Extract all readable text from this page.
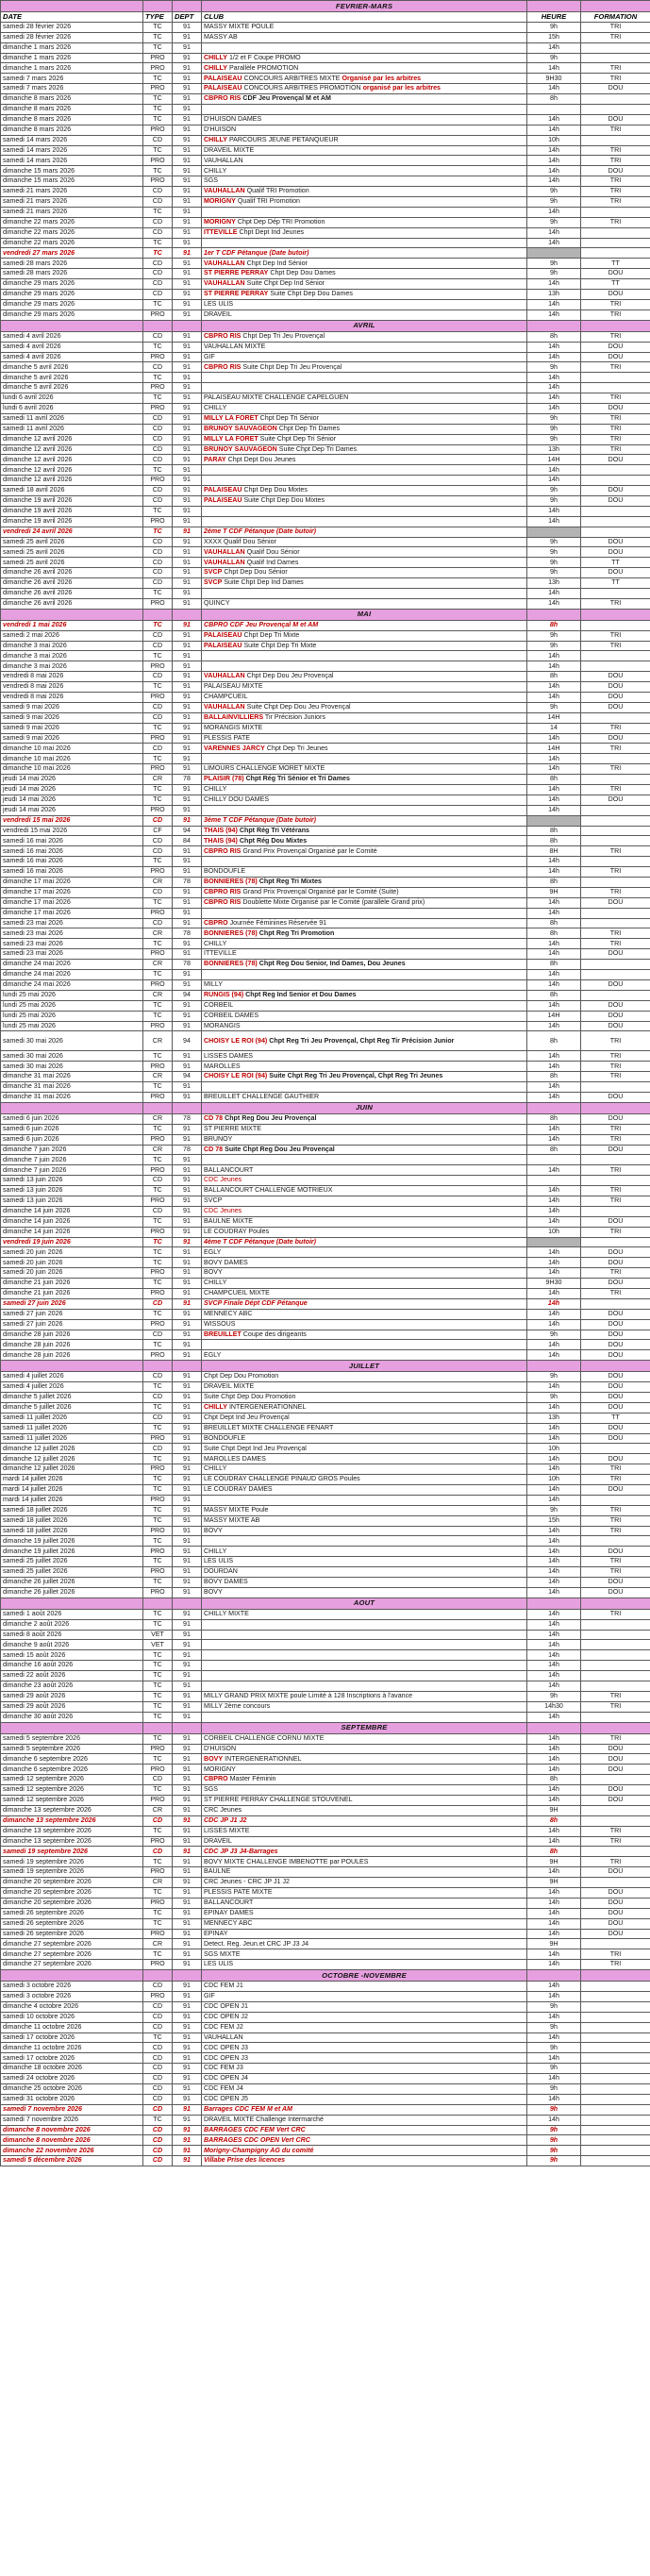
			FEVRIER-MARS		
DATE	TYPE	DEPT	CLUB	HEURE	FORMATION
samedi 28 février 2026	TC	91	MASSY MIXTE POULE	9h	TRI
samedi 28 février 2026	TC	91	MASSY AB	15h	TRI
dimanche 1 mars 2026	TC	91		14h	
dimanche 1 mars 2026	PRO	91	CHILLY 1/2 et F Coupe PROMO	9h	
dimanche 1 mars 2026	PRO	91	CHILLY Parallèle PROMOTION	14h	TRI
samedi 7 mars 2026	TC	91	PALAISEAU CONCOURS ARBITRES MIXTE Organisé par les arbitres	9H30	TRI
samedi 7 mars 2026	PRO	91	PALAISEAU CONCOURS ARBITRES PROMOTION organisé par les arbitres	14h	DOU
dimanche 8 mars 2026	TC	91	CBPRO RIS CDF Jeu Provençal M et AM	8h	
dimanche 8 mars 2026	TC	91			
dimanche 8 mars 2026	TC	91	D'HUISON DAMES	14h	DOU
dimanche 8 mars 2026	PRO	91	D'HUISON	14h	TRI
samedi 14 mars 2026	CD	91	CHILLY PARCOURS JEUNE PETANQUEUR	10h	
samedi 14 mars 2026	TC	91	DRAVEIL MIXTE	14h	TRI
samedi 14 mars 2026	PRO	91	VAUHALLAN	14h	TRI
dimanche 15 mars 2026	TC	91	CHILLY	14h	DOU
dimanche 15 mars 2026	PRO	91	SGS	14h	TRI
samedi 21 mars 2026	CD	91	VAUHALLAN Qualif TRI Promotion	9h	TRI
samedi 21 mars 2026	CD	91	MORIGNY Qualif TRI Promotion	9h	TRI
samedi 21 mars 2026	TC	91		14h	
dimanche 22 mars 2026	CD	91	MORIGNY Chpt Dep Dép TRI Promotion	9h	TRI
dimanche 22 mars 2026	CD	91	ITTEVILLE Chpt Dept Ind Jeunes	14h	
dimanche 22 mars 2026	TC	91		14h	
vendredi 27 mars 2026	TC	91	1er T CDF Pétanque (Date butoir)		
samedi 28 mars 2026	CD	91	VAUHALLAN Chpt Dep Ind Sénior	9h	TT
samedi 28 mars 2026	CD	91	ST PIERRE PERRAY Chpt Dep Dou Dames	9h	DOU
dimanche 29 mars 2026	CD	91	VAUHALLAN Suite Chpt Dep Ind Sénior	14h	TT
dimanche 29 mars 2026	CD	91	ST PIERRE PERRAY Suite Chpt Dep Dou Dames	13h	DOU
dimanche 29 mars 2026	TC	91	LES ULIS	14h	TRI
dimanche 29 mars 2026	PRO	91	DRAVEIL	14h	TRI
			AVRIL		
samedi 4 avril 2026	CD	91	CBPRO RIS Chpt Dep Tri Jeu Provençal	8h	TRI
samedi 4 avril 2026	TC	91	VAUHALLAN MIXTE	14h	DOU
samedi 4 avril 2026	PRO	91	GIF	14h	DOU
dimanche 5 avril 2026	CD	91	CBPRO RIS Suite Chpt Dep Tri Jeu Provençal	9h	TRI
dimanche 5 avril 2026	TC	91		14h	
dimanche 5 avril 2026	PRO	91		14h	
lundi 6 avril 2026	TC	91	PALAISEAU MIXTE CHALLENGE CAPELGUEN	14h	TRI
lundi 6 avril 2026	PRO	91	CHILLY	14h	DOU
samedi 11 avril 2026	CD	91	MILLY LA FORET Chpt Dep Tri Sénior	9h	TRI
samedi 11 avril 2026	CD	91	BRUNOY SAUVAGEON Chpt Dep Tri Dames	9h	TRI
dimanche 12 avril 2026	CD	91	MILLY LA FORET Suite Chpt Dep Tri Sénior	9h	TRI
dimanche 12 avril 2026	CD	91	BRUNOY SAUVAGEON Suite Chpt Dep Tri Dames	13h	TRI
dimanche 12 avril 2026	CD	91	PARAY Chpt Dept Dou Jeunes	14H	DOU
dimanche 12 avril 2026	TC	91		14h	
dimanche 12 avril 2026	PRO	91		14h	
samedi 18 avril 2026	CD	91	PALAISEAU Chpt Dep Dou Mixtes	9h	DOU
dimanche 19 avril 2026	CD	91	PALAISEAU Suite Chpt Dep Dou Mixtes	9h	DOU
dimanche 19 avril 2026	TC	91		14h	
dimanche 19 avril 2026	PRO	91		14h	
vendredi 24 avril 2026	TC	91	2ème T CDF Pétanque (Date butoir)		
samedi 25 avril 2026	CD	91	XXXX Qualif Dou Sénior	9h	DOU
samedi 25 avril 2026	CD	91	VAUHALLAN Qualif Dou Sénior	9h	DOU
samedi 25 avril 2026	CD	91	VAUHALLAN Qualif Ind Dames	9h	TT
dimanche 26 avril 2026	CD	91	SVCP Chpt Dep Dou Sénior	9h	DOU
dimanche 26 avril 2026	CD	91	SVCP Suite Chpt Dep Ind Dames	13h	TT
dimanche 26 avril 2026	TC	91		14h	
dimanche 26 avril 2026	PRO	91	QUINCY	14h	TRI
			MAI		
vendredi 1 mai 2026	TC	91	CBPRO CDF Jeu Provençal M et AM	8h	
samedi 2 mai 2026	CD	91	PALAISEAU Chpt Dep Tri Mixte	9h	TRI
dimanche 3 mai 2026	CD	91	PALAISEAU Suite Chpt Dep Tri Mixte	9h	TRI
dimanche 3 mai 2026	TC	91		14h	
dimanche 3 mai 2026	PRO	91		14h	
vendredi 8 mai 2026	CD	91	VAUHALLAN Chpt Dep Dou Jeu Provençal	8h	DOU
vendredi 8 mai 2026	TC	91	PALAISEAU MIXTE	14h	DOU
vendredi 8 mai 2026	PRO	91	CHAMPCUEIL	14h	DOU
samedi 9 mai 2026	CD	91	VAUHALLAN Suite Chpt Dep Dou Jeu Provençal	9h	DOU
samedi 9 mai 2026	CD	91	BALLAINVILLIERS Tir Précision Juniors	14H	
samedi 9 mai 2026	TC	91	MORANGIS MIXTE	14	TRI
samedi 9 mai 2026	PRO	91	PLESSIS PATE	14h	DOU
dimanche 10 mai 2026	CD	91	VARENNES JARCY Chpt Dep Tri Jeunes	14H	TRI
dimanche 10 mai 2026	TC	91		14h	
dimanche 10 mai 2026	PRO	91	LIMOURS CHALLENGE MORET MIXTE	14h	TRI
jeudi 14 mai 2026	CR	78	PLAISIR (78) Chpt Rég Tri Sénior et Tri Dames	8h	
jeudi 14 mai 2026	TC	91	CHILLY	14h	TRI
jeudi 14 mai 2026	TC	91	CHILLY DOU DAMES	14h	DOU
jeudi 14 mai 2026	PRO	91		14h	
vendredi 15 mai 2026	CD	91	3ème T CDF Pétanque (Date butoir)		
vendredi 15 mai 2026	CF	94	THAIS (94) Chpt Rég Tri Vétérans	8h	
samedi 16 mai 2026	CD	84	THAIS (94) Chpt Rég Dou Mixtes	8h	
samedi 16 mai 2026	CD	91	CBPRO RIS Grand Prix Provençal Organisé par le Comité	8H	TRI
samedi 16 mai 2026	TC	91		14h	
samedi 16 mai 2026	PRO	91	BONDOUFLE	14h	TRI
dimanche 17 mai 2026	CR	78	BONNIERES (78) Chpt Reg Tri Mixtes	8h	
dimanche 17 mai 2026	CD	91	CBPRO RIS Grand Prix Provençal Organisé par le Comité (Suite)	9H	TRI
dimanche 17 mai 2026	TC	91	CBPRO RIS Doublette Mixte Organisé par le Comité (parallèle Grand prix)	14h	DOU
dimanche 17 mai 2026	PRO	91		14h	
samedi 23 mai 2026	CD	91	CBPRO Journée Féminines Réservée 91	8h	
samedi 23 mai 2026	CR	78	BONNIERES (78) Chpt Reg Tri Promotion	8h	TRI
samedi 23 mai 2026	TC	91	CHILLY	14h	TRI
samedi 23 mai 2026	PRO	91	ITTEVILLE	14h	DOU
dimanche 24 mai 2026	CR	78	BONNIERES (78) Chpt Reg Dou Senior, Ind Dames, Dou Jeunes	8h	
dimanche 24 mai 2026	TC	91		14h	
dimanche 24 mai 2026	PRO	91	MILLY	14h	DOU
lundi 25 mai 2026	CR	94	RUNGIS (94) Chpt Reg Ind Senior et Dou Dames	8h	
lundi 25 mai 2026	TC	91	CORBEIL	14h	DOU
lundi 25 mai 2026	TC	91	CORBEIL DAMES	14H	DOU
lundi 25 mai 2026	PRO	91	MORANGIS	14h	DOU
samedi 30 mai 2026	CR	94	CHOISY LE ROI (94) Chpt Reg Tri Jeu Provençal, Chpt Reg Tir Précision Junior	8h	TRI
samedi 30 mai 2026	TC	91	LISSES DAMES	14h	TRI
samedi 30 mai 2026	PRO	91	MAROLLES	14h	TRI
dimanche 31 mai 2026	CR	94	CHOISY LE ROI (94) Suite Chpt Reg Tri Jeu Provençal, Chpt Reg Tri Jeunes	8h	TRI
dimanche 31 mai 2026	TC	91		14h	
dimanche 31 mai 2026	PRO	91	BREUILLET CHALLENGE GAUTHIER	14h	DOU
			JUIN		
samedi 6 juin 2026	CR	78	CD 78 Chpt Reg Dou Jeu Provençal	8h	DOU
samedi 6 juin 2026	TC	91	ST PIERRE MIXTE	14h	TRI
samedi 6 juin 2026	PRO	91	BRUNOY	14h	TRI
dimanche 7 juin 2026	CR	78	CD 78 Suite Chpt Reg Dou Jeu Provençal	8h	DOU
dimanche 7 juin 2026	TC	91			
dimanche 7 juin 2026	PRO	91	BALLANCOURT	14h	TRI
samedi 13 juin 2026	CD	91	CDC Jeunes		
samedi 13 juin 2026	TC	91	BALLANCOURT CHALLENGE MOTRIEUX	14h	TRI
samedi 13 juin 2026	PRO	91	SVCP	14h	TRI
dimanche 14 juin 2026	CD	91	CDC Jeunes	14h	
dimanche 14 juin 2026	TC	91	BAULNE MIXTE	14h	DOU
dimanche 14 juin 2026	PRO	91	LE COUDRAY Poules	10h	TRI
vendredi 19 juin 2026	TC	91	4ème T CDF Pétanque (Date butoir)		
samedi 20 juin 2026	TC	91	EGLY	14h	DOU
samedi 20 juin 2026	TC	91	BOVY DAMES	14h	DOU
samedi 20 juin 2026	PRO	91	BOVY	14h	TRI
dimanche 21 juin 2026	TC	91	CHILLY	9H30	DOU
dimanche 21 juin 2026	PRO	91	CHAMPCUEIL MIXTE	14h	TRI
samedi 27 juin 2026	CD	91	SVCP Finale Dépt CDF Pétanque	14h	
samedi 27 juin 2026	TC	91	MENNECY ABC	14h	DOU
samedi 27 juin 2026	PRO	91	WISSOUS	14h	DOU
dimanche 28 juin 2026	CD	91	BREUILLET Coupe des dirigeants	9h	DOU
dimanche 28 juin 2026	TC	91		14h	DOU
dimanche 28 juin 2026	PRO	91	EGLY	14h	DOU
			JUILLET		
samedi 4 juillet 2026	CD	91	Chpt Dep Dou Promotion	9h	DOU
samedi 4 juillet 2026	TC	91	DRAVEIL MIXTE	14h	DOU
dimanche 5 juillet 2026	CD	91	Suite Chpt Dep Dou Promotion	9h	DOU
dimanche 5 juillet 2026	TC	91	CHILLY INTERGENERATIONNEL	14h	DOU
samedi 11 juillet 2026	CD	91	Chpt Dept Ind Jeu Provençal	13h	TT
samedi 11 juillet 2026	TC	91	BREUILLET MIXTE CHALLENGE FENART	14h	DOU
samedi 11 juillet 2026	PRO	91	BONDOUFLE	14h	DOU
dimanche 12 juillet 2026	CD	91	Suite Chpt Dept Ind Jeu Provençal	10h	
dimanche 12 juillet 2026	TC	91	MAROLLES DAMES	14h	DOU
dimanche 12 juillet 2026	PRO	91	CHILLY	14h	TRI
mardi 14 juillet 2026	TC	91	LE COUDRAY CHALLENGE PINAUD GROS Poules	10h	TRI
mardi 14 juillet 2026	TC	91	LE COUDRAY DAMES	14h	DOU
mardi 14 juillet 2026	PRO	91		14h	
samedi 18 juillet 2026	TC	91	MASSY MIXTE Poule	9h	TRI
samedi 18 juillet 2026	TC	91	MASSY MIXTE AB	15h	TRI
samedi 18 juillet 2026	PRO	91	BOVY	14h	TRI
dimanche 19 juillet 2026	TC	91		14h	
dimanche 19 juillet 2026	PRO	91	CHILLY	14h	DOU
samedi 25 juillet 2026	TC	91	LES ULIS	14h	TRI
samedi 25 juillet 2026	PRO	91	DOURDAN	14h	TRI
dimanche 26 juillet 2026	TC	91	BOVY DAMES	14h	DOU
dimanche 26 juillet 2026	PRO	91	BOVY	14h	DOU
			AOUT		
samedi 1 août 2026	TC	91	CHILLY MIXTE	14h	TRI
dimanche 2 août 2026	TC	91		14h	
samedi 8 août 2026	VET	91		14h	
dimanche 9 août 2026	VET	91		14h	
samedi 15 août 2026	TC	91		14h	
dimanche 16 août 2026	TC	91		14h	
samedi 22 août 2026	TC	91		14h	
dimanche 23 août 2026	TC	91		14h	
samedi 29 août 2026	TC	91	MILLY GRAND PRIX MIXTE poule Limité à 128 Inscriptions à l'avance	9h	TRI
samedi 29 août 2026	TC	91	MILLY 2ème concours	14h30	TRI
dimanche 30 août 2026	TC	91		14h	
			SEPTEMBRE		
samedi 5 septembre 2026	TC	91	CORBEIL CHALLENGE CORNU MIXTE	14h	TRI
samedi 5 septembre 2026	PRO	91	D'HUISON	14h	DOU
dimanche 6 septembre 2026	TC	91	BOVY INTERGENERATIONNEL	14h	DOU
dimanche 6 septembre 2026	PRO	91	MORIGNY	14h	DOU
samedi 12 septembre 2026	CD	91	CBPRO Master Féminin	8h	
samedi 12 septembre 2026	TC	91	SGS	14h	DOU
samedi 12 septembre 2026	PRO	91	ST PIERRE PERRAY CHALLENGE STOUVENEL	14h	DOU
dimanche 13 septembre 2026	CR	91	CRC Jeunes	9H	
dimanche 13 septembre 2026	CD	91	CDC JP J1 J2	8h	
dimanche 13 septembre 2026	TC	91	LISSES MIXTE	14h	TRI
dimanche 13 septembre 2026	PRO	91	DRAVEIL	14h	TRI
samedi 19 septembre 2026	CD	91	CDC JP J3 J4-Barrages	8h	
samedi 19 septembre 2026	TC	91	BOVY MIXTE CHALLENGE IMBENOTTE par POULES	9H	TRI
samedi 19 septembre 2026	PRO	91	BAULNE	14h	DOU
dimanche 20 septembre 2026	CR	91	CRC Jeunes - CRC JP J1 J2	9H	
dimanche 20 septembre 2026	TC	91	PLESSIS PATE MIXTE	14h	DOU
dimanche 20 septembre 2026	PRO	91	BALLANCOURT	14h	DOU
samedi 26 septembre 2026	TC	91	EPINAY DAMES	14h	DOU
samedi 26 septembre 2026	TC	91	MENNECY ABC	14h	DOU
samedi 26 septembre 2026	PRO	91	EPINAY	14h	DOU
dimanche 27 septembre 2026	CR	91	Detect. Reg. Jeun.et CRC JP J3 J4	9H	
dimanche 27 septembre 2026	TC	91	SGS MIXTE	14h	TRI
dimanche 27 septembre 2026	PRO	91	LES ULIS	14h	TRI
			OCTOBRE -NOVEMBRE		
samedi 3 octobre 2026	CD	91	CDC FEM J1	14h	
samedi 3 octobre 2026	PRO	91	GIF	14h	
dimanche 4 octobre 2026	CD	91	CDC OPEN J1	9h	
samedi 10 octobre 2026	CD	91	CDC OPEN J2	14h	
dimanche 11 octobre 2026	CD	91	CDC FEM J2	9h	
samedi 17 octobre 2026	TC	91	VAUHALLAN	14h	
dimanche 11 octobre 2026	CD	91	CDC OPEN J3	9h	
samedi 17 octobre 2026	CD	91	CDC OPEN J3	14h	
dimanche 18 octobre 2026	CD	91	CDC FEM J3	9h	
samedi 24 octobre 2026	CD	91	CDC OPEN J4	14h	
dimanche 25 octobre 2026	CD	91	CDC FEM J4	9h	
samedi 31 octobre 2026	CD	91	CDC OPEN J5	14h	
samedi 7 novembre 2026	CD	91	Barrages CDC FEM M et AM	9h	
samedi 7 novembre 2026	TC	91	DRAVEIL MIXTE Challenge Intermarché	14h	
dimanche 8 novembre 2026	CD	91	BARRAGES CDC FEM Vert CRC	9h	
dimanche 8 novembre 2026	CD	91	BARRAGES CDC OPEN Vert CRC	9h	
dimanche 22 novembre 2026	CD	91	Morigny-Champigny AG du comité	9h	
samedi 5 décembre 2026	CD	91	Villabe Prise des licences	9h	
